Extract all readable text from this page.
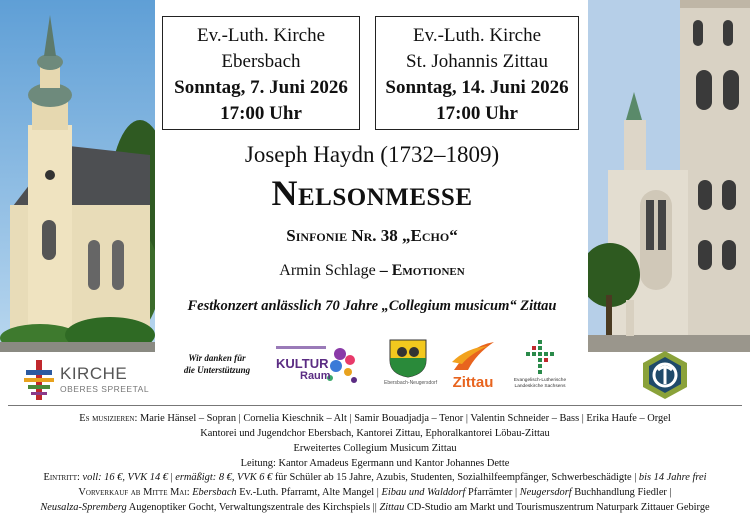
Ev.-Luth. Kirche
Ebersbach
Sonntag, 7. Juni 2026
17:00 Uhr
Ev.-Luth. Kirche
St. Johannis Zittau
Sonntag, 14. Juni 2026
17:00 Uhr
Joseph Haydn (1732–1809)
Nelsonmesse
Sinfonie Nr. 38 „Echo“
Armin Schlage – Emotionen
Festkonzert anlässlich 70 Jahre „Collegium musicum“ Zittau
KIRCHE
OBERES SPREETAL
Wir danken für
die Unterstützung	KULTUR
Raum
Ebersbach-Neugersdorf	Zittau	Evangelisch-Lutherische
Landeskirche Sachsens
Es musizieren: Marie Hänsel – Sopran | Cornelia Kieschnik – Alt | Samir Bouadjadja – Tenor | Valentin Schneider – Bass | Erika Haufe – Orgel
Kantorei und Jugendchor Ebersbach, Kantorei Zittau, Ephoralkantorei Löbau-Zittau
Erweitertes Collegium Musicum Zittau
Leitung: Kantor Amadeus Egermann und Kantor Johannes Dette
Eintritt: voll: 16 €, VVK 14 € | ermäßigt: 8 €, VVK 6 € für Schüler ab 15 Jahre, Azubis, Studenten, Sozialhilfeempfänger, Schwerbeschädigte | bis 14 Jahre frei
Vorverkauf ab Mitte Mai: Ebersbach Ev.-Luth. Pfarramt, Alte Mangel | Eibau und Walddorf Pfarrämter | Neugersdorf Buchhandlung Fiedler |
Neusalza-Spremberg Augenoptiker Gocht, Verwaltungszentrale des Kirchspiels || Zittau CD-Studio am Markt und Tourismuszentrum Naturpark Zittauer Gebirge
